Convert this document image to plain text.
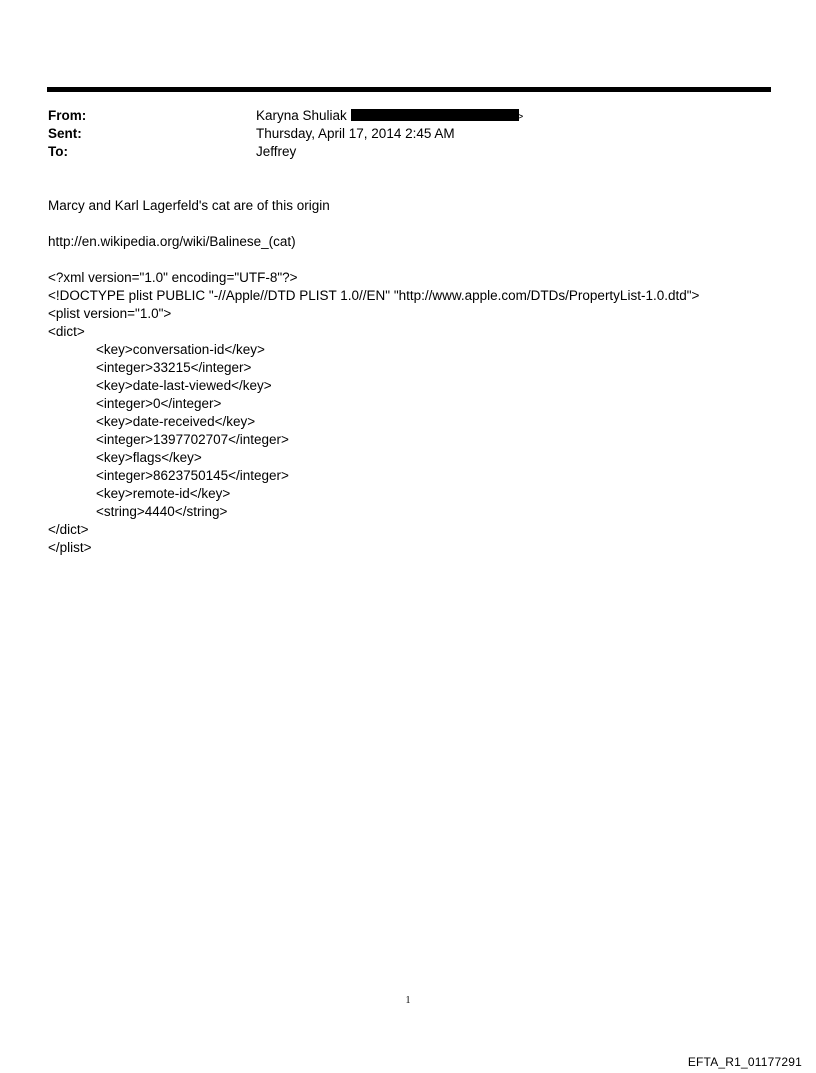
From:	Karyna Shuliak	>
Sent:	Thursday, April 17, 2014 2:45 AM
To:	Jeffrey

Marcy and Karl Lagerfeld's cat are of this origin

http://en.wikipedia.org/wiki/Balinese_(cat)

<?xml version="1.0" encoding="UTF-8"?>
<!DOCTYPE plist PUBLIC "-//Apple//DTD PLIST 1.0//EN" "http://www.apple.com/DTDs/PropertyList-1.0.dtd">
<plist version="1.0">
<dict>
<key>conversation-id</key>
<integer>33215</integer>
<key>date-last-viewed</key>
<integer>0</integer>
<key>date-received</key>
<integer>1397702707</integer>
<key>flags</key>
<integer>8623750145</integer>
<key>remote-id</key>
<string>4440</string>
</dict>
</plist>
1
EFTA_R1_01177291
